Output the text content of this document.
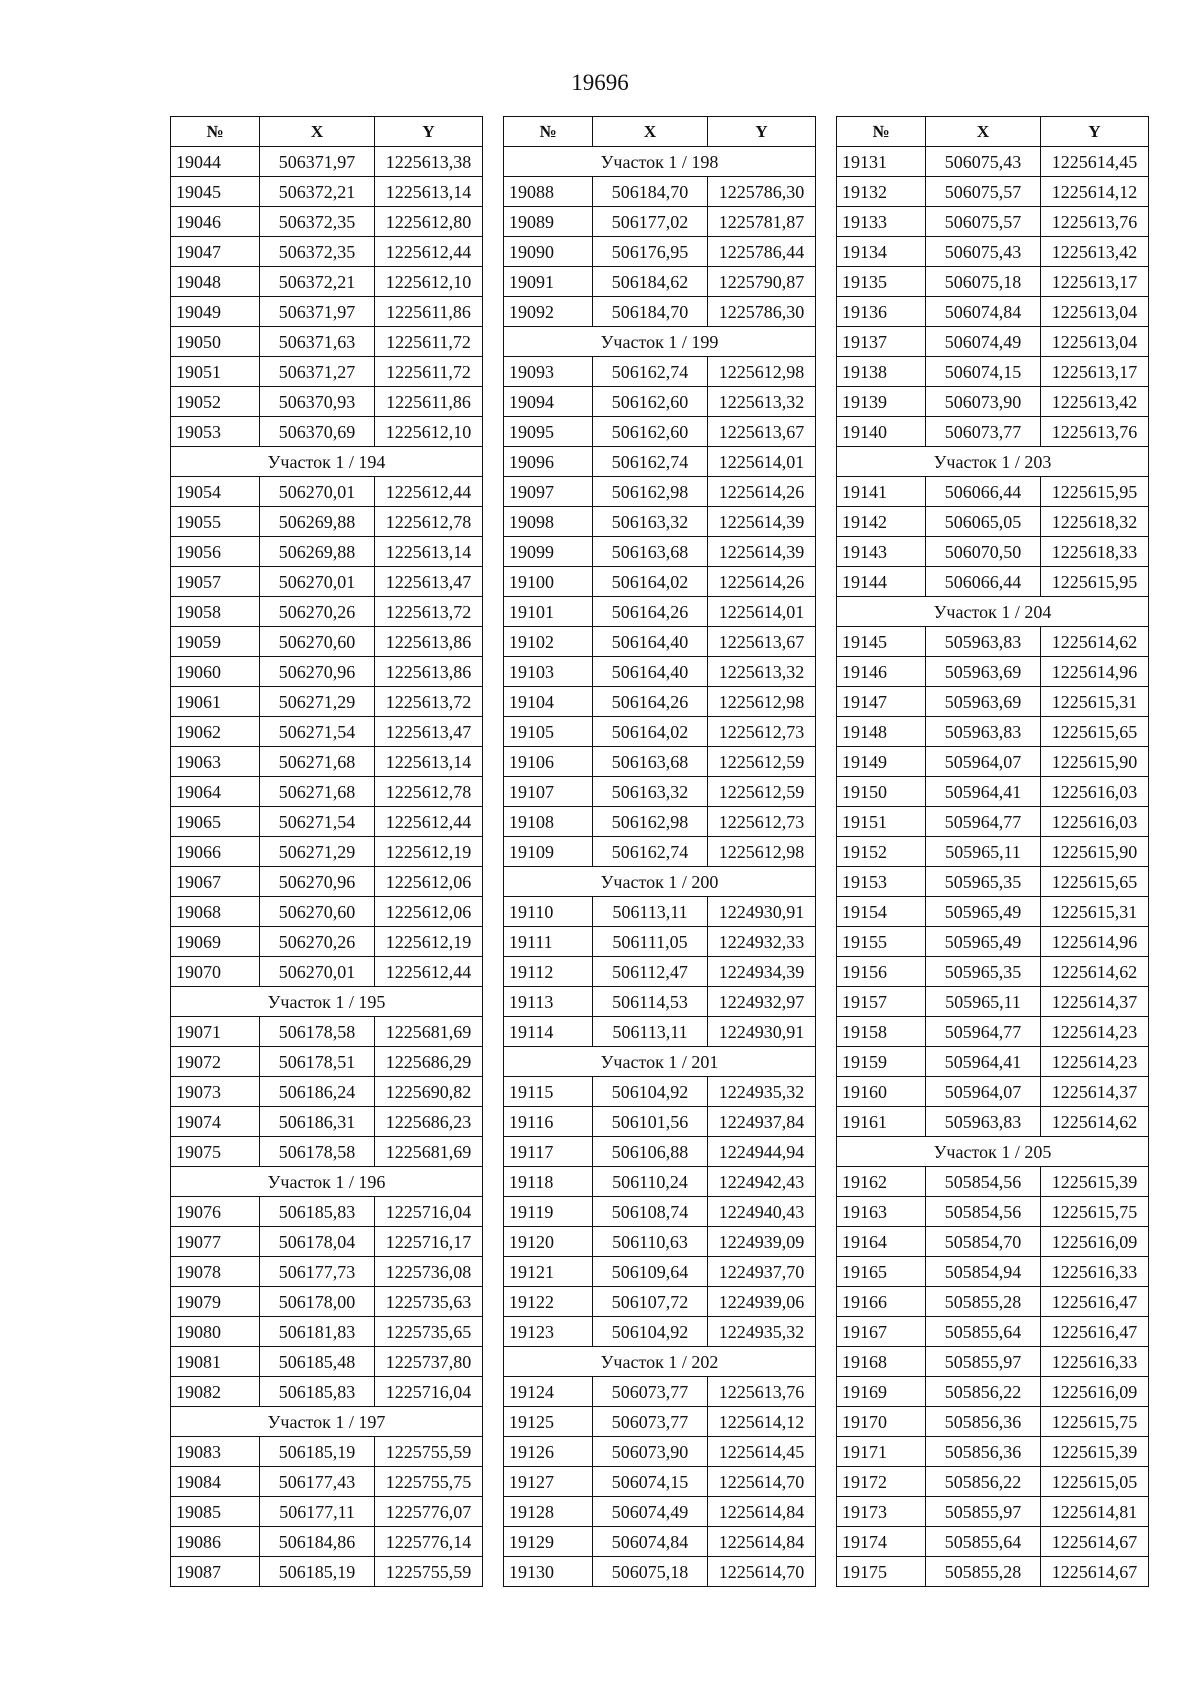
19696
№	X	Y
19044	506371,97	1225613,38
19045	506372,21	1225613,14
19046	506372,35	1225612,80
19047	506372,35	1225612,44
19048	506372,21	1225612,10
19049	506371,97	1225611,86
19050	506371,63	1225611,72
19051	506371,27	1225611,72
19052	506370,93	1225611,86
19053	506370,69	1225612,10
Участок 1 / 194		
19054	506270,01	1225612,44
19055	506269,88	1225612,78
19056	506269,88	1225613,14
19057	506270,01	1225613,47
19058	506270,26	1225613,72
19059	506270,60	1225613,86
19060	506270,96	1225613,86
19061	506271,29	1225613,72
19062	506271,54	1225613,47
19063	506271,68	1225613,14
19064	506271,68	1225612,78
19065	506271,54	1225612,44
19066	506271,29	1225612,19
19067	506270,96	1225612,06
19068	506270,60	1225612,06
19069	506270,26	1225612,19
19070	506270,01	1225612,44
Участок 1 / 195		
19071	506178,58	1225681,69
19072	506178,51	1225686,29
19073	506186,24	1225690,82
19074	506186,31	1225686,23
19075	506178,58	1225681,69
Участок 1 / 196		
19076	506185,83	1225716,04
19077	506178,04	1225716,17
19078	506177,73	1225736,08
19079	506178,00	1225735,63
19080	506181,83	1225735,65
19081	506185,48	1225737,80
19082	506185,83	1225716,04
Участок 1 / 197		
19083	506185,19	1225755,59
19084	506177,43	1225755,75
19085	506177,11	1225776,07
19086	506184,86	1225776,14
19087	506185,19	1225755,59
№	X	Y
Участок 1 / 198		
19088	506184,70	1225786,30
19089	506177,02	1225781,87
19090	506176,95	1225786,44
19091	506184,62	1225790,87
19092	506184,70	1225786,30
Участок 1 / 199		
19093	506162,74	1225612,98
19094	506162,60	1225613,32
19095	506162,60	1225613,67
19096	506162,74	1225614,01
19097	506162,98	1225614,26
19098	506163,32	1225614,39
19099	506163,68	1225614,39
19100	506164,02	1225614,26
19101	506164,26	1225614,01
19102	506164,40	1225613,67
19103	506164,40	1225613,32
19104	506164,26	1225612,98
19105	506164,02	1225612,73
19106	506163,68	1225612,59
19107	506163,32	1225612,59
19108	506162,98	1225612,73
19109	506162,74	1225612,98
Участок 1 / 200		
19110	506113,11	1224930,91
19111	506111,05	1224932,33
19112	506112,47	1224934,39
19113	506114,53	1224932,97
19114	506113,11	1224930,91
Участок 1 / 201		
19115	506104,92	1224935,32
19116	506101,56	1224937,84
19117	506106,88	1224944,94
19118	506110,24	1224942,43
19119	506108,74	1224940,43
19120	506110,63	1224939,09
19121	506109,64	1224937,70
19122	506107,72	1224939,06
19123	506104,92	1224935,32
Участок 1 / 202		
19124	506073,77	1225613,76
19125	506073,77	1225614,12
19126	506073,90	1225614,45
19127	506074,15	1225614,70
19128	506074,49	1225614,84
19129	506074,84	1225614,84
19130	506075,18	1225614,70
№	X	Y
19131	506075,43	1225614,45
19132	506075,57	1225614,12
19133	506075,57	1225613,76
19134	506075,43	1225613,42
19135	506075,18	1225613,17
19136	506074,84	1225613,04
19137	506074,49	1225613,04
19138	506074,15	1225613,17
19139	506073,90	1225613,42
19140	506073,77	1225613,76
Участок 1 / 203		
19141	506066,44	1225615,95
19142	506065,05	1225618,32
19143	506070,50	1225618,33
19144	506066,44	1225615,95
Участок 1 / 204		
19145	505963,83	1225614,62
19146	505963,69	1225614,96
19147	505963,69	1225615,31
19148	505963,83	1225615,65
19149	505964,07	1225615,90
19150	505964,41	1225616,03
19151	505964,77	1225616,03
19152	505965,11	1225615,90
19153	505965,35	1225615,65
19154	505965,49	1225615,31
19155	505965,49	1225614,96
19156	505965,35	1225614,62
19157	505965,11	1225614,37
19158	505964,77	1225614,23
19159	505964,41	1225614,23
19160	505964,07	1225614,37
19161	505963,83	1225614,62
Участок 1 / 205		
19162	505854,56	1225615,39
19163	505854,56	1225615,75
19164	505854,70	1225616,09
19165	505854,94	1225616,33
19166	505855,28	1225616,47
19167	505855,64	1225616,47
19168	505855,97	1225616,33
19169	505856,22	1225616,09
19170	505856,36	1225615,75
19171	505856,36	1225615,39
19172	505856,22	1225615,05
19173	505855,97	1225614,81
19174	505855,64	1225614,67
19175	505855,28	1225614,67
